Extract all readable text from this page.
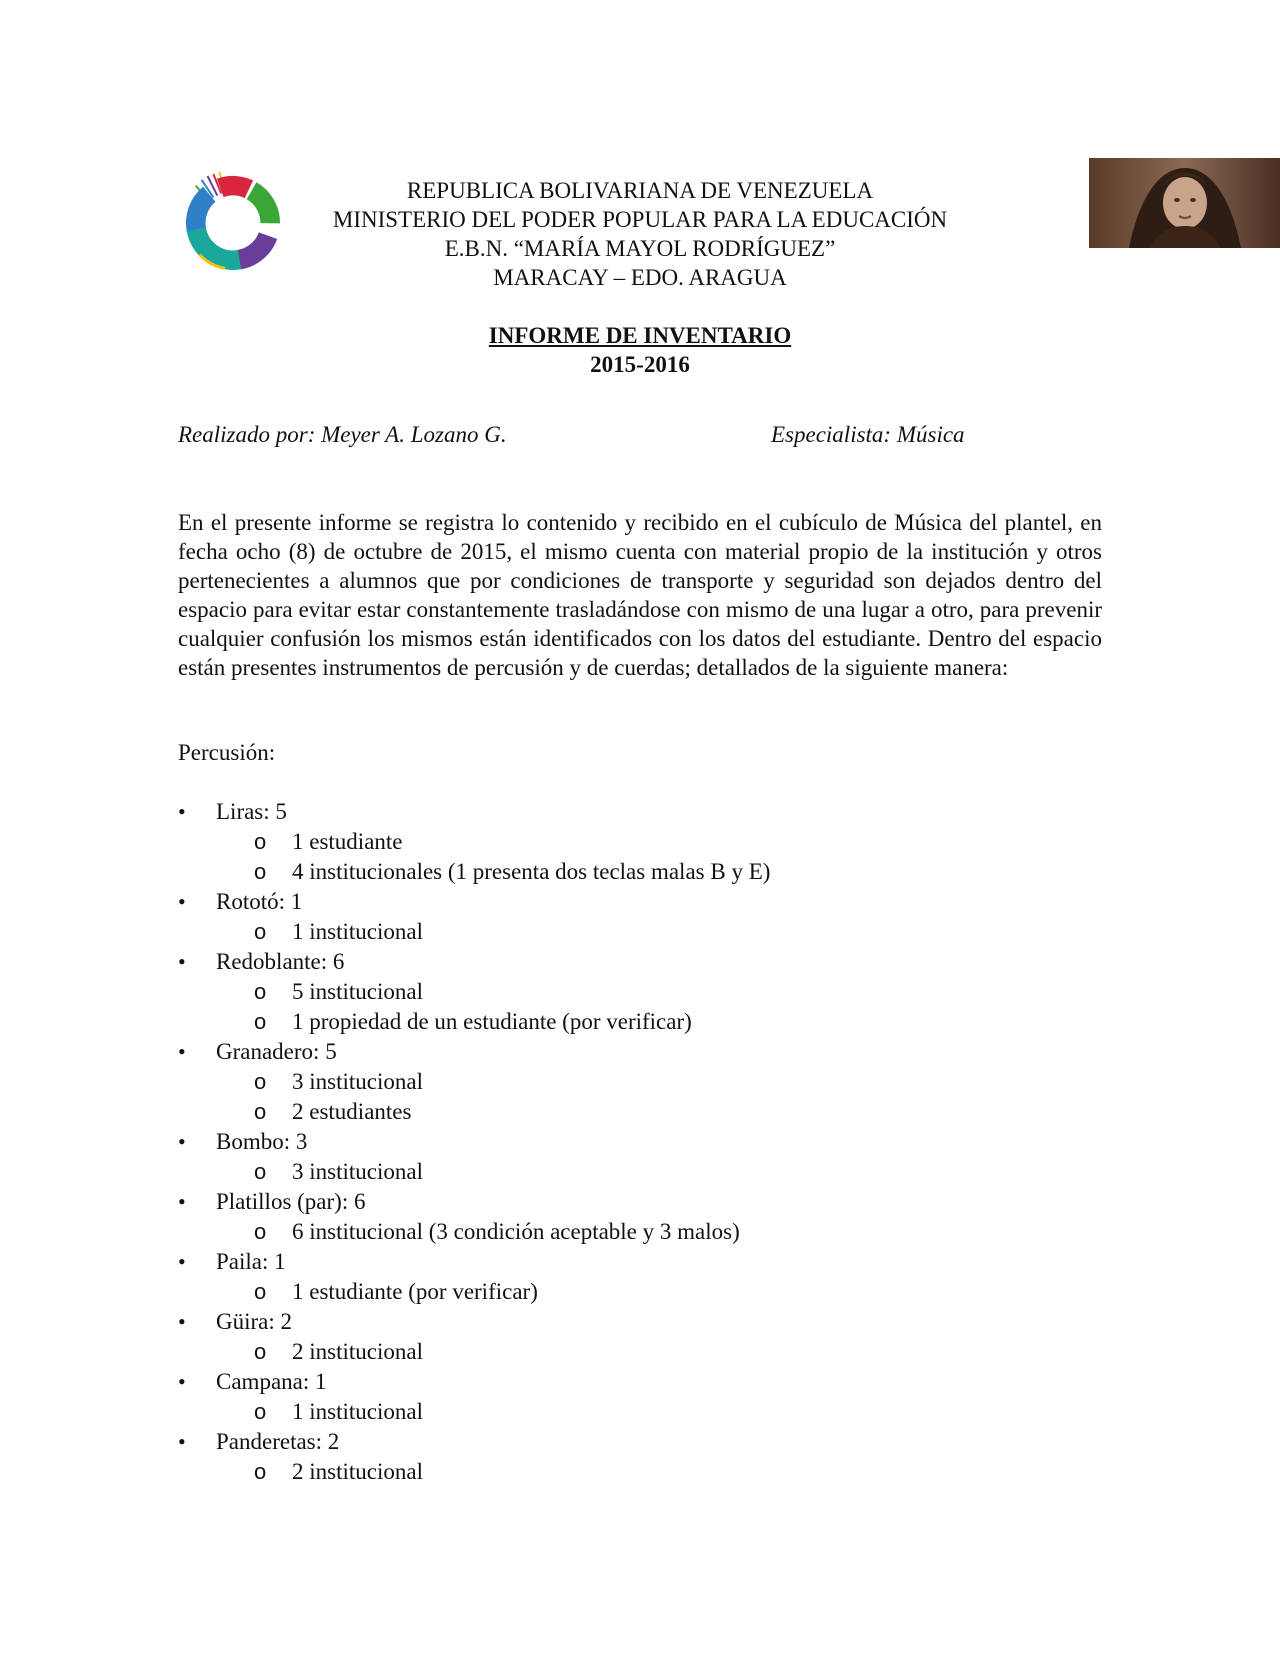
REPUBLICA BOLIVARIANA DE VENEZUELA
MINISTERIO DEL PODER POPULAR PARA LA EDUCACIÓN
E.B.N. “MARÍA MAYOL RODRÍGUEZ”
MARACAY – EDO. ARAGUA
INFORME DE INVENTARIO
2015-2016
Realizado por: Meyer A. Lozano G.	Especialista: Música

En el presente informe se registra lo contenido y recibido en el cubículo de Música del plantel, en fecha ocho (8) de octubre de 2015, el mismo cuenta con material propio de la institución y otros pertenecientes a alumnos que por condiciones de transporte y seguridad son dejados dentro del espacio para evitar estar constantemente trasladándose con mismo de una lugar a otro, para prevenir cualquier confusión los mismos están identificados con los datos del estudiante. Dentro del espacio están presentes instrumentos de percusión y de cuerdas; detallados de la siguiente manera:

Percusión:

•	Liras: 5
o 1 estudiante
o 4 institucionales (1 presenta dos teclas malas B y E)
•	Rototó: 1
o 1 institucional
•	Redoblante: 6
o 5 institucional
o 1 propiedad de un estudiante (por verificar)
•	Granadero: 5
o 3 institucional
o 2 estudiantes
•	Bombo: 3
o 3 institucional
•	Platillos (par): 6
o 6 institucional (3 condición aceptable y 3 malos)
•	Paila: 1
o 1 estudiante (por verificar)
•	Güira: 2
o 2 institucional
•	Campana: 1
o 1 institucional
•	Panderetas: 2
o 2 institucional
